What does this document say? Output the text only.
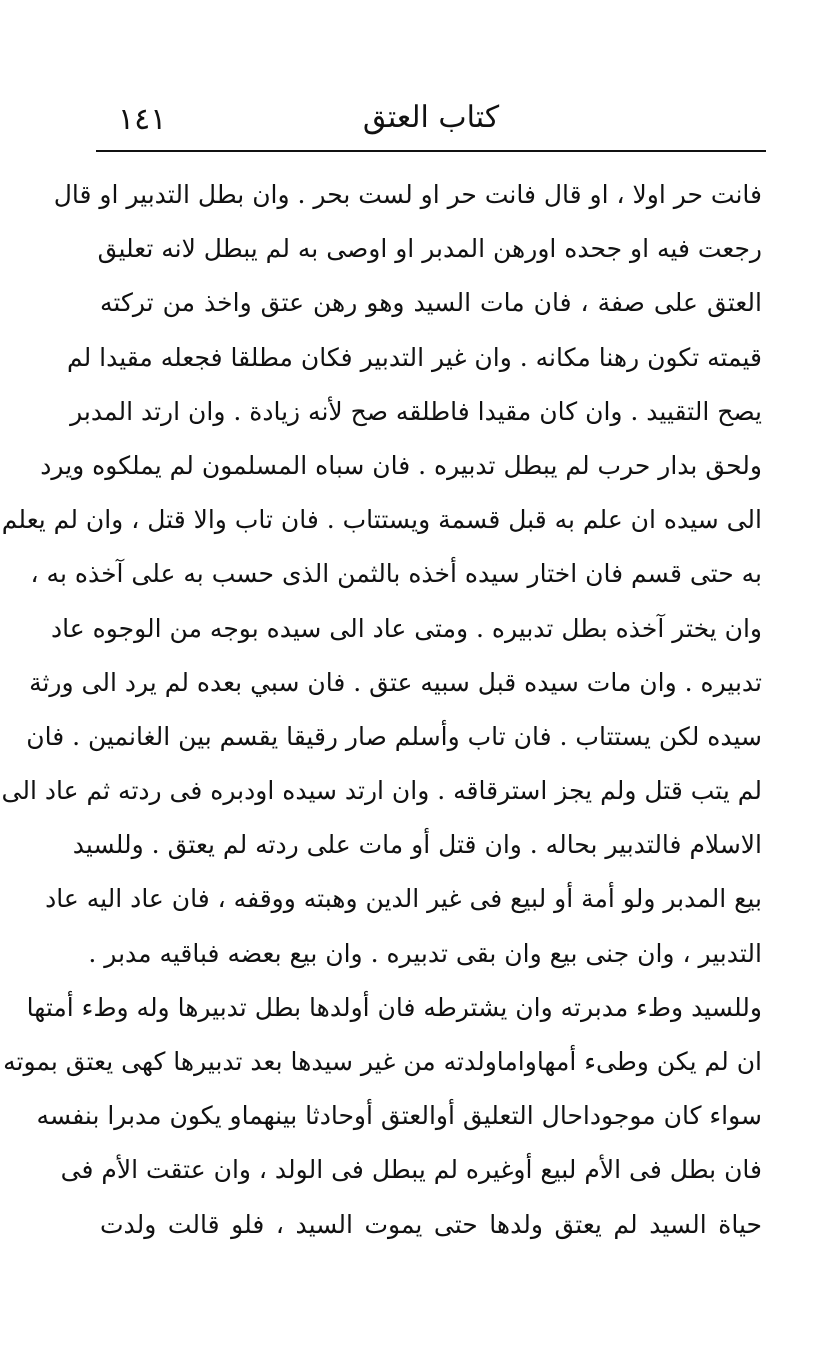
١٤١	كتاب العتق
فانت حر اولا ، او قال فانت حر او لست بحر . وان بطل التدبير او قال
رجعت فيه او جحده اورهن المدبر او اوصى به لم يبطل لانه تعليق
العتق على صفة ، فان مات السيد وهو رهن عتق واخذ من تركته
قيمته تكون رهنا مكانه . وان غير التدبير فكان مطلقا فجعله مقيدا لم
يصح التقييد . وان كان مقيدا فاطلقه صح لأنه زيادة . وان ارتد المدبر
ولحق بدار حرب لم يبطل تدبيره . فان سباه المسلمون لم يملكوه ويرد
الى سيده ان علم به قبل قسمة ويستتاب . فان تاب والا قتل ، وان لم يعلم
به حتى قسم فان اختار سيده أخذه بالثمن الذى حسب به على آخذه به ،
وان يختر آخذه بطل تدبيره . ومتى عاد الى سيده بوجه من الوجوه عاد
تدبيره . وان مات سيده قبل سبيه عتق . فان سبي بعده لم يرد الى ورثة
سيده لكن يستتاب . فان تاب وأسلم صار رقيقا يقسم بين الغانمين . فان
لم يتب قتل ولم يجز استرقاقه . وان ارتد سيده اودبره فى ردته ثم عاد الى
الاسلام فالتدبير بحاله . وان قتل أو مات على ردته لم يعتق . وللسيد
بيع المدبر ولو أمة أو لبيع فى غير الدين وهبته ووقفه ، فان عاد اليه عاد
التدبير ، وان جنى بيع وان بقى تدبيره . وان بيع بعضه فباقيه مدبر .
وللسيد وطء مدبرته وان يشترطه فان أولدها بطل تدبيرها وله وطء أمتها
ان لم يكن وطىء أمهاواماولدته من غير سيدها بعد تدبيرها كهى يعتق بموته
سواء كان موجوداحال التعليق أوالعتق أوحادثا بينهماو يكون مدبرا بنفسه
فان بطل فى الأم لبيع أوغيره لم يبطل فى الولد ، وان عتقت الأم فى
حياة السيد لم يعتق ولدها حتى يموت السيد ، فلو قالت ولدت
